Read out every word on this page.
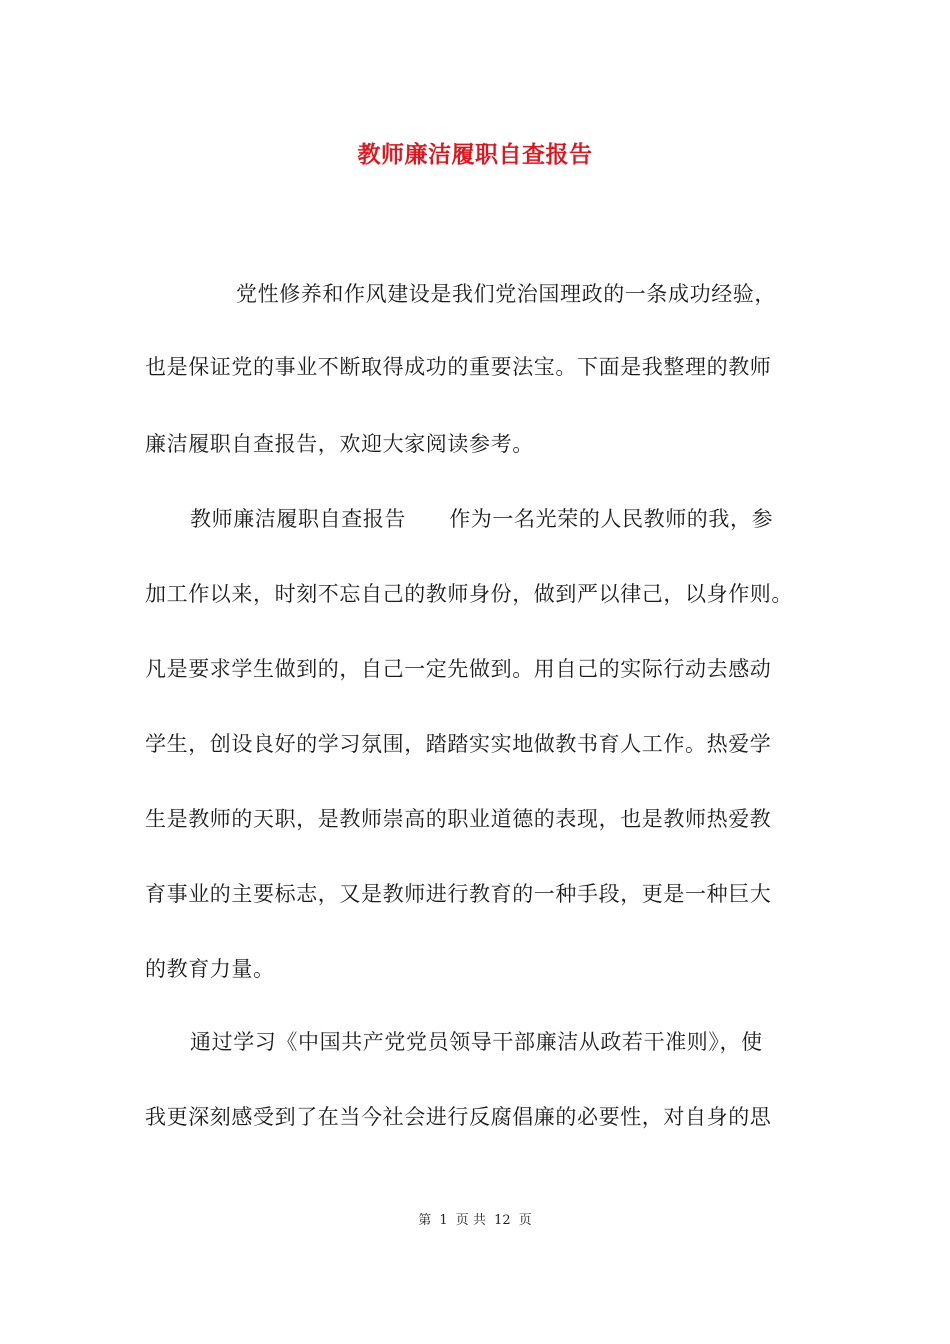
教师廉洁履职自查报告
党性修养和作风建设是我们党治国理政的一条成功经验，
也是保证党的事业不断取得成功的重要法宝。下面是我整理的教师
廉洁履职自查报告，欢迎大家阅读参考。
教师廉洁履职自查报告　　作为一名光荣的人民教师的我，参
加工作以来，时刻不忘自己的教师身份，做到严以律己，以身作则。
凡是要求学生做到的，自己一定先做到。用自己的实际行动去感动
学生，创设良好的学习氛围，踏踏实实地做教书育人工作。热爱学
生是教师的天职，是教师崇高的职业道德的表现，也是教师热爱教
育事业的主要标志，又是教师进行教育的一种手段，更是一种巨大
的教育力量。
通过学习《中国共产党党员领导干部廉洁从政若干准则》，使
我更深刻感受到了在当今社会进行反腐倡廉的必要性，对自身的思
第 1 页 共 12 页
